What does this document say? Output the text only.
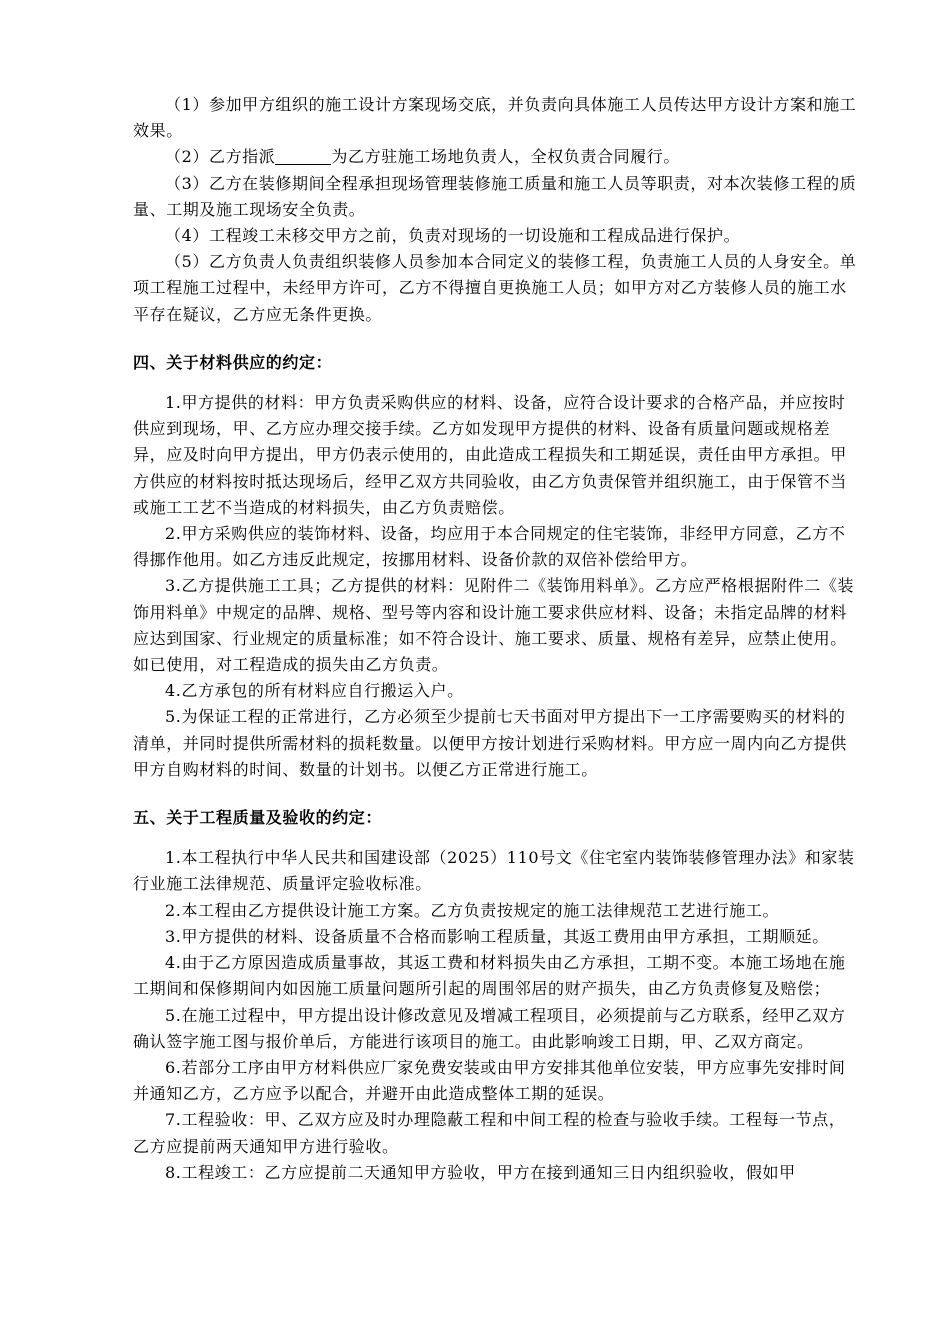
（1）参加甲方组织的施工设计方案现场交底，并负责向具体施工人员传达甲方设计方案和施工效果。
（2）乙方指派	为乙方驻施工场地负责人，全权负责合同履行。
（3）乙方在装修期间全程承担现场管理装修施工质量和施工人员等职责，对本次装修工程的质量、工期及施工现场安全负责。
（4）工程竣工未移交甲方之前，负责对现场的一切设施和工程成品进行保护。
（5）乙方负责人负责组织装修人员参加本合同定义的装修工程，负责施工人员的人身安全。单项工程施工过程中，未经甲方许可，乙方不得擅自更换施工人员；如甲方对乙方装修人员的施工水平存在疑议，乙方应无条件更换。
四、关于材料供应的约定：
1.甲方提供的材料：甲方负责采购供应的材料、设备，应符合设计要求的合格产品，并应按时供应到现场，甲、乙方应办理交接手续。乙方如发现甲方提供的材料、设备有质量问题或规格差异，应及时向甲方提出，甲方仍表示使用的，由此造成工程损失和工期延误，责任由甲方承担。甲方供应的材料按时抵达现场后，经甲乙双方共同验收，由乙方负责保管并组织施工，由于保管不当或施工工艺不当造成的材料损失，由乙方负责赔偿。
2.甲方采购供应的装饰材料、设备，均应用于本合同规定的住宅装饰，非经甲方同意，乙方不得挪作他用。如乙方违反此规定，按挪用材料、设备价款的双倍补偿给甲方。
3.乙方提供施工工具；乙方提供的材料：见附件二《装饰用料单》。乙方应严格根据附件二《装饰用料单》中规定的品牌、规格、型号等内容和设计施工要求供应材料、设备；未指定品牌的材料应达到国家、行业规定的质量标准；如不符合设计、施工要求、质量、规格有差异，应禁止使用。如已使用，对工程造成的损失由乙方负责。
4.乙方承包的所有材料应自行搬运入户。
5.为保证工程的正常进行，乙方必须至少提前七天书面对甲方提出下一工序需要购买的材料的清单，并同时提供所需材料的损耗数量。以便甲方按计划进行采购材料。甲方应一周内向乙方提供甲方自购材料的时间、数量的计划书。以便乙方正常进行施工。
五、关于工程质量及验收的约定：
1.本工程执行中华人民共和国建设部（2025）110号文《住宅室内装饰装修管理办法》和家装行业施工法律规范、质量评定验收标准。
2.本工程由乙方提供设计施工方案。乙方负责按规定的施工法律规范工艺进行施工。
3.甲方提供的材料、设备质量不合格而影响工程质量，其返工费用由甲方承担，工期顺延。
4.由于乙方原因造成质量事故，其返工费和材料损失由乙方承担，工期不变。本施工场地在施工期间和保修期间内如因施工质量问题所引起的周围邻居的财产损失，由乙方负责修复及赔偿；
5.在施工过程中，甲方提出设计修改意见及增减工程项目，必须提前与乙方联系，经甲乙双方确认签字施工图与报价单后，方能进行该项目的施工。由此影响竣工日期，甲、乙双方商定。
6.若部分工序由甲方材料供应厂家免费安装或由甲方安排其他单位安装，甲方应事先安排时间并通知乙方，乙方应予以配合，并避开由此造成整体工期的延误。
7.工程验收：甲、乙双方应及时办理隐蔽工程和中间工程的检查与验收手续。工程每一节点，乙方应提前两天通知甲方进行验收。
8.工程竣工：乙方应提前二天通知甲方验收，甲方在接到通知三日内组织验收，假如甲
